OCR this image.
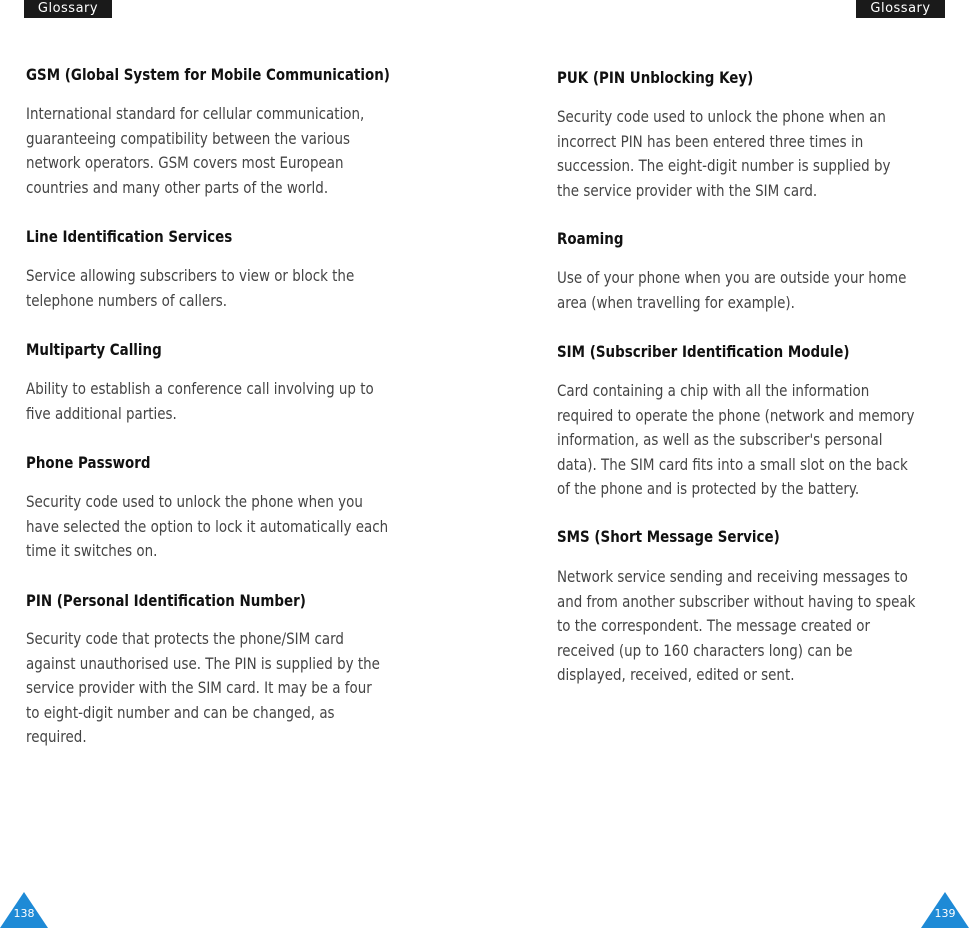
Glossary	Glossary
GSM (Global System for Mobile Communication)

International standard for cellular communication,
guaranteeing compatibility between the various
network operators. GSM covers most European
countries and many other parts of the world.

Line Identification Services

Service allowing subscribers to view or block the
telephone numbers of callers.

Multiparty Calling

Ability to establish a conference call involving up to
five additional parties.

Phone Password

Security code used to unlock the phone when you
have selected the option to lock it automatically each
time it switches on.

PIN (Personal Identification Number)

Security code that protects the phone/SIM card
against unauthorised use. The PIN is supplied by the
service provider with the SIM card. It may be a four
to eight-digit number and can be changed, as
required.

PUK (PIN Unblocking Key)

Security code used to unlock the phone when an
incorrect PIN has been entered three times in
succession. The eight-digit number is supplied by
the service provider with the SIM card.

Roaming

Use of your phone when you are outside your home
area (when travelling for example).

SIM (Subscriber Identification Module)

Card containing a chip with all the information
required to operate the phone (network and memory
information, as well as the subscriber's personal
data). The SIM card fits into a small slot on the back
of the phone and is protected by the battery.

SMS (Short Message Service)

Network service sending and receiving messages to
and from another subscriber without having to speak
to the correspondent. The message created or
received (up to 160 characters long) can be
displayed, received, edited or sent.

138	139
